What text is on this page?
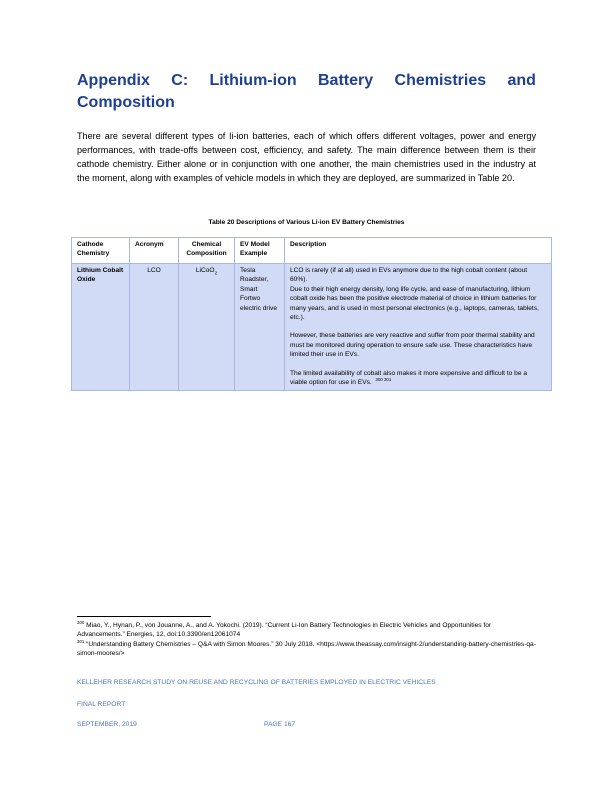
Appendix C: Lithium-ion Battery Chemistries and
Composition

There are several different types of li-ion batteries, each of which offers different voltages, power and energy performances, with trade-offs between cost, efficiency, and safety. The main difference between them is their cathode chemistry. Either alone or in conjunction with one another, the main chemistries used in the industry at the moment, along with examples of vehicle models in which they are deployed, are summarized in Table 20.

Table 20 Descriptions of Various Li-ion EV Battery Chemistries
Cathode Chemistry	Acronym	Chemical Composition	EV Model Example	Description
Lithium Cobalt Oxide	LCO	LiCoO$_2$	Tesla Roadster, Smart Fortwo electric drive	LCO is rarely (if at all) used in EVs anymore due to the high cobalt content (about 60%).

Due to their high energy density, long life cycle, and ease of manufacturing, lithium cobalt oxide has been the positive electrode material of choice in lithium batteries for many years, and is used in most personal electronics (e.g., laptops, cameras, tablets, etc.).

However, these batteries are very reactive and suffer from poor thermal stability and must be monitored during operation to ensure safe use. These characteristics have limited their use in EVs.

The limited availability of cobalt also makes it more expensive and difficult to be a viable option for use in EVs. $^{300 301}$

$^{300}$ Miao, Y., Hynan, P., von Jouanne, A., and A. Yokochi. (2019). “Current Li-Ion Battery Technologies in Electric Vehicles and Opportunities for Advancements.” Energies, 12, doi:10.3390/en12061074

$^{301}$ “Understanding Battery Chemistries – Q&A with Simon Moores.” 30 July 2018. <https://www.theassay.com/insight-2/understanding-battery-chemistries-qa-simon-moores/>

KELLEHER RESEARCH STUDY ON REUSE AND RECYCLING OF BATTERIES EMPLOYED IN ELECTRIC VEHICLES
FINAL REPORT
SEPTEMBER, 2019	PAGE 167
